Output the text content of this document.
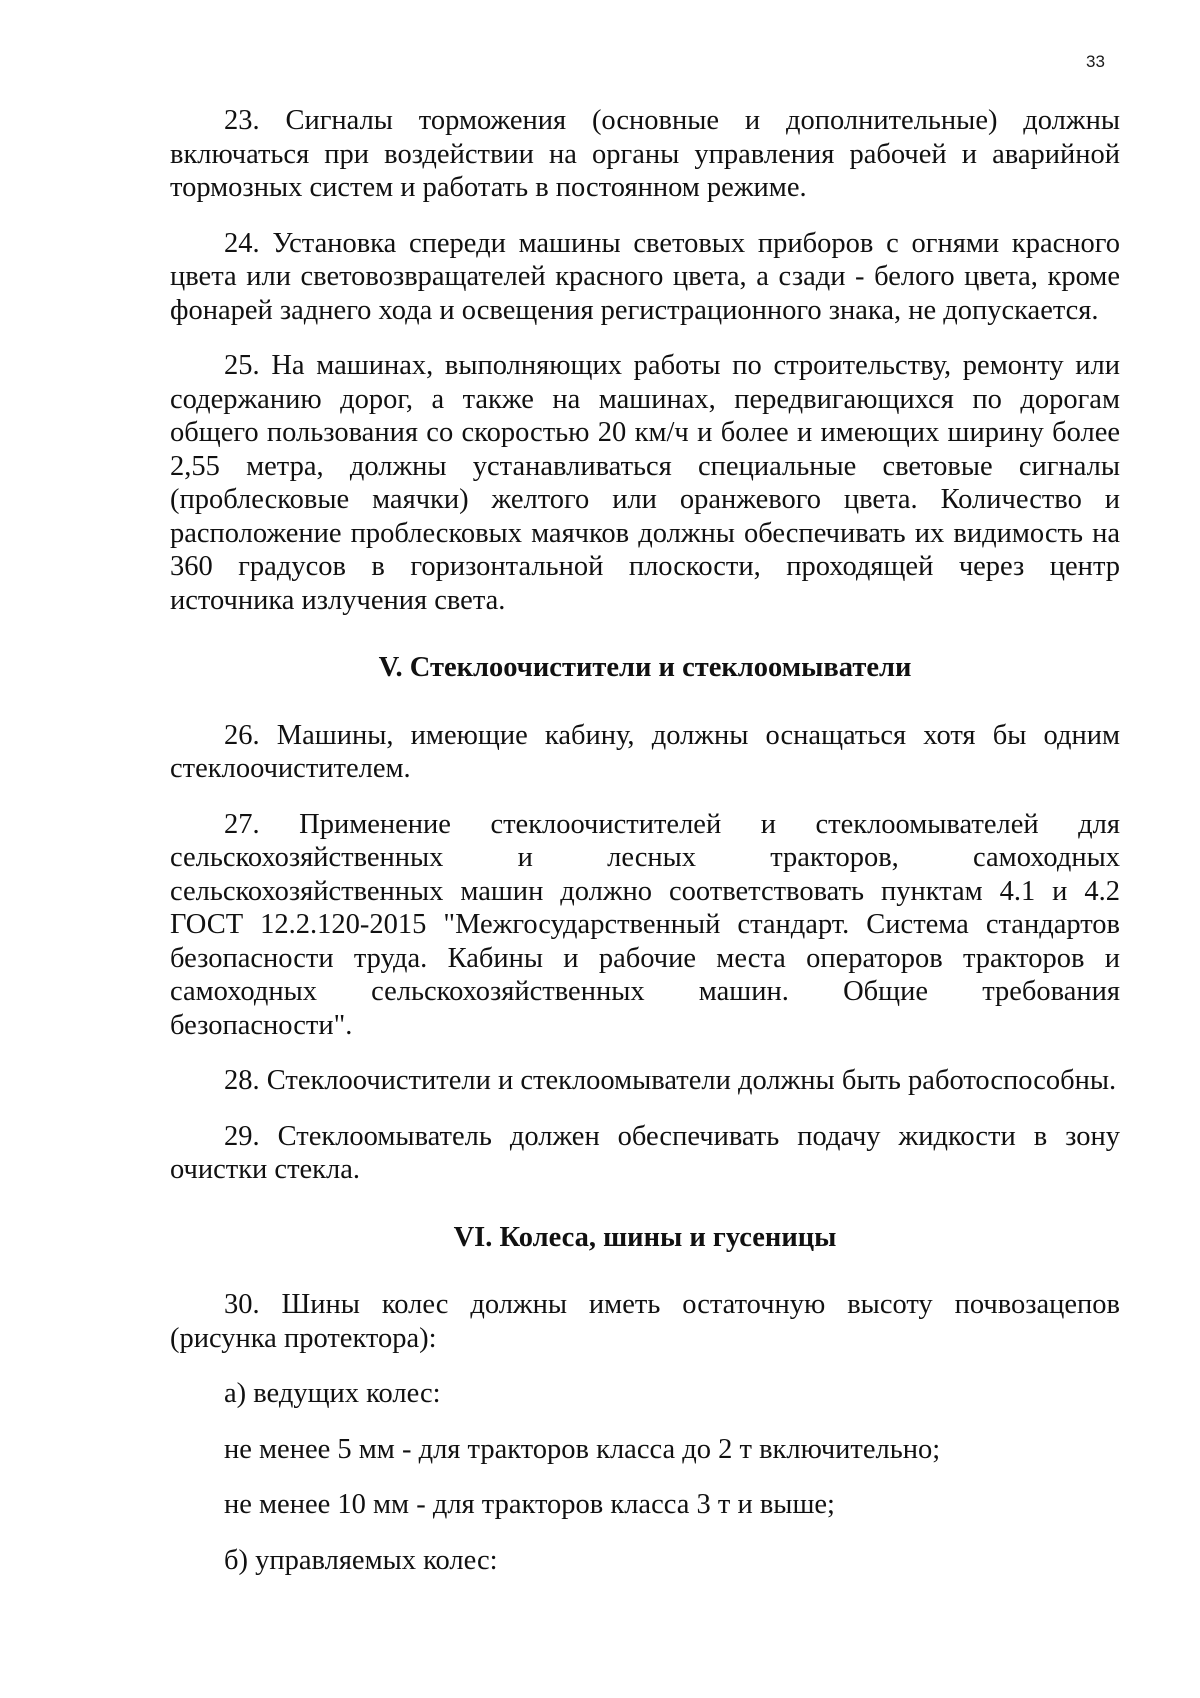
33

23. Сигналы торможения (основные и дополнительные) должны включаться при воздействии на органы управления рабочей и аварийной тормозных систем и работать в постоянном режиме.

24. Установка спереди машины световых приборов с огнями красного цвета или световозвращателей красного цвета, а сзади - белого цвета, кроме фонарей заднего хода и освещения регистрационного знака, не допускается.

25. На машинах, выполняющих работы по строительству, ремонту или содержанию дорог, а также на машинах, передвигающихся по дорогам общего пользования со скоростью 20 км/ч и более и имеющих ширину более 2,55 метра, должны устанавливаться специальные световые сигналы (проблесковые маячки) желтого или оранжевого цвета. Количество и расположение проблесковых маячков должны обеспечивать их видимость на 360 градусов в горизонтальной плоскости, проходящей через центр источника излучения света.

V. Стеклоочистители и стеклоомыватели

26. Машины, имеющие кабину, должны оснащаться хотя бы одним стеклоочистителем.

27. Применение стеклоочистителей и стеклоомывателей для сельскохозяйственных и лесных тракторов, самоходных сельскохозяйственных машин должно соответствовать пунктам 4.1 и 4.2 ГОСТ 12.2.120-2015 "Межгосударственный стандарт. Система стандартов безопасности труда. Кабины и рабочие места операторов тракторов и самоходных сельскохозяйственных машин. Общие требования безопасности".

28. Стеклоочистители и стеклоомыватели должны быть работоспособны.

29. Стеклоомыватель должен обеспечивать подачу жидкости в зону очистки стекла.

VI. Колеса, шины и гусеницы

30. Шины колес должны иметь остаточную высоту почвозацепов (рисунка протектора):

а) ведущих колес:

не менее 5 мм - для тракторов класса до 2 т включительно;

не менее 10 мм - для тракторов класса 3 т и выше;

б) управляемых колес:
